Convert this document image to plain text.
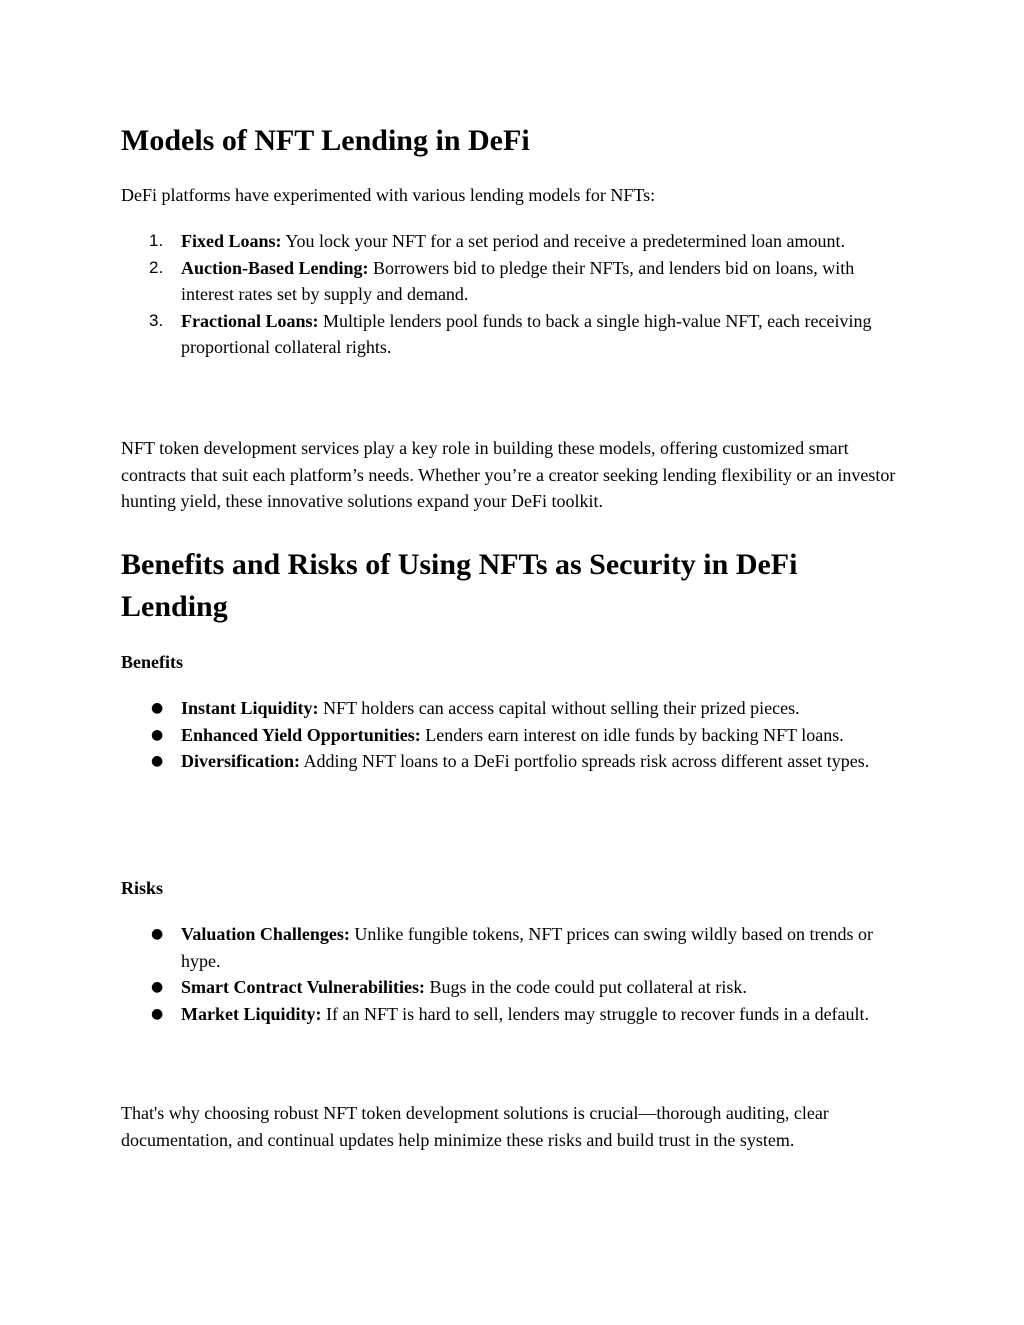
Models of NFT Lending in DeFi

DeFi platforms have experimented with various lending models for NFTs:

1. Fixed Loans: You lock your NFT for a set period and receive a predetermined loan amount.
2. Auction-Based Lending: Borrowers bid to pledge their NFTs, and lenders bid on loans, with interest rates set by supply and demand.
3. Fractional Loans: Multiple lenders pool funds to back a single high-value NFT, each receiving proportional collateral rights.

NFT token development services play a key role in building these models, offering customized smart contracts that suit each platform’s needs. Whether you’re a creator seeking lending flexibility or an investor hunting yield, these innovative solutions expand your DeFi toolkit.

Benefits and Risks of Using NFTs as Security in DeFi Lending
Benefits
● Instant Liquidity: NFT holders can access capital without selling their prized pieces.
● Enhanced Yield Opportunities: Lenders earn interest on idle funds by backing NFT loans.
● Diversification: Adding NFT loans to a DeFi portfolio spreads risk across different asset types.
Risks
● Valuation Challenges: Unlike fungible tokens, NFT prices can swing wildly based on trends or hype.
● Smart Contract Vulnerabilities: Bugs in the code could put collateral at risk.
● Market Liquidity: If an NFT is hard to sell, lenders may struggle to recover funds in a default.

That's why choosing robust NFT token development solutions is crucial—thorough auditing, clear documentation, and continual updates help minimize these risks and build trust in the system.
